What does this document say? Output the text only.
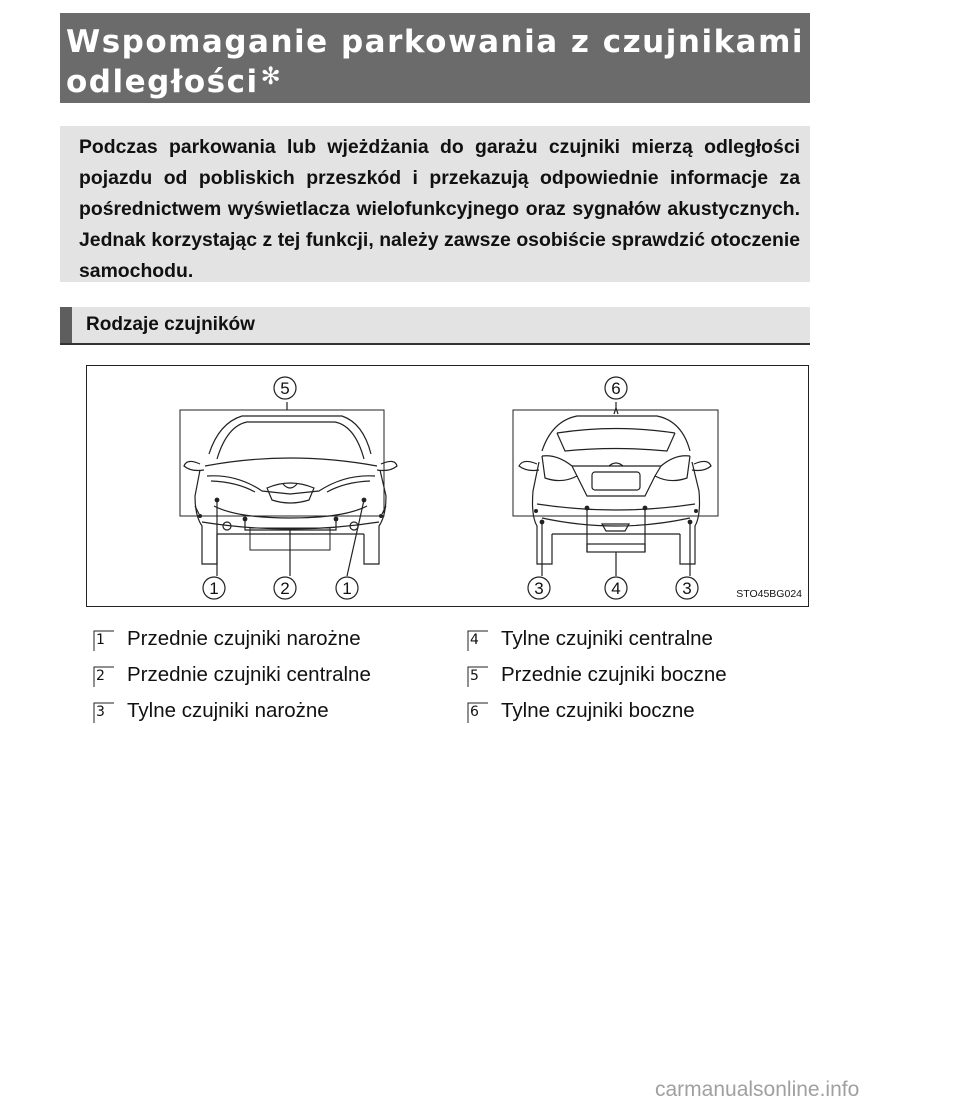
Wspomaganie parkowania z czujnikami
odległości✻
Podczas parkowania lub wjeżdżania do garażu czujniki mierzą odległości pojazdu od pobliskich przeszkód i przekazują odpowiednie informacje za pośrednictwem wyświetlacza wielofunkcyjnego oraz sygnałów akustycznych. Jednak korzystając z tej funkcji, należy zawsze osobiście sprawdzić otoczenie samochodu.
Rodzaje czujników
1	2	1
5
3	4	3
6
STO45BG024
1 Przednie czujniki narożne
2 Przednie czujniki centralne
3 Tylne czujniki narożne
4 Tylne czujniki centralne
5 Przednie czujniki boczne
6 Tylne czujniki boczne
carmanualsonline.info
